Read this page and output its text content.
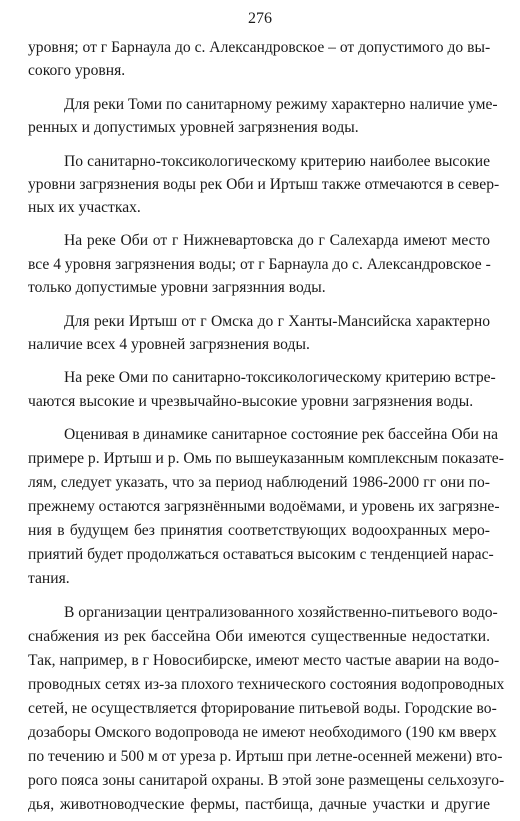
276
уровня; от г Барнаула до с. Александровское – от допустимого до вы-
сокого уровня.
Для реки Томи по санитарному режиму характерно наличие уме-
ренных и допустимых уровней загрязнения воды.
По санитарно-токсикологическому критерию наиболее высокие
уровни загрязнения воды рек Оби и Иртыш также отмечаются в север-
ных их участках.
На реке Оби от г Нижневартовска до г Салехарда имеют место
все 4 уровня загрязнения воды; от г Барнаула до с. Александровское -
только допустимые уровни загрязнния воды.
Для реки Иртыш от г Омска до г Ханты-Мансийска характерно
наличие всех 4 уровней загрязнения воды.
На реке Оми по санитарно-токсикологическому критерию встре-
чаются высокие и чрезвычайно-высокие уровни загрязнения воды.
Оценивая в динамике санитарное состояние рек бассейна Оби на
примере р. Иртыш и р. Омь по вышеуказанным комплексным показате-
лям, следует указать, что за период наблюдений 1986-2000 гг они по-
прежнему остаются загрязнёнными водоёмами, и уровень их загрязне-
ния в будущем без принятия соответствующих водоохранных меро-
приятий будет продолжаться оставаться высоким с тенденцией нарас-
тания.
В организации централизованного хозяйственно-питьевого водо-
снабжения из рек бассейна Оби имеются существенные недостатки.
Так, например, в г Новосибирске, имеют место частые аварии на водо-
проводных сетях из-за плохого технического состояния водопроводных
сетей, не осуществляется фторирование питьевой воды. Городские во-
дозаборы Омского водопровода не имеют необходимого (190 км вверх
по течению и 500 м от уреза р. Иртыш при летне-осенней межени) вто-
рого пояса зоны санитарой охраны. В этой зоне размещены сельхозуго-
дья, животноводческие фермы, пастбища, дачные участки и другие
